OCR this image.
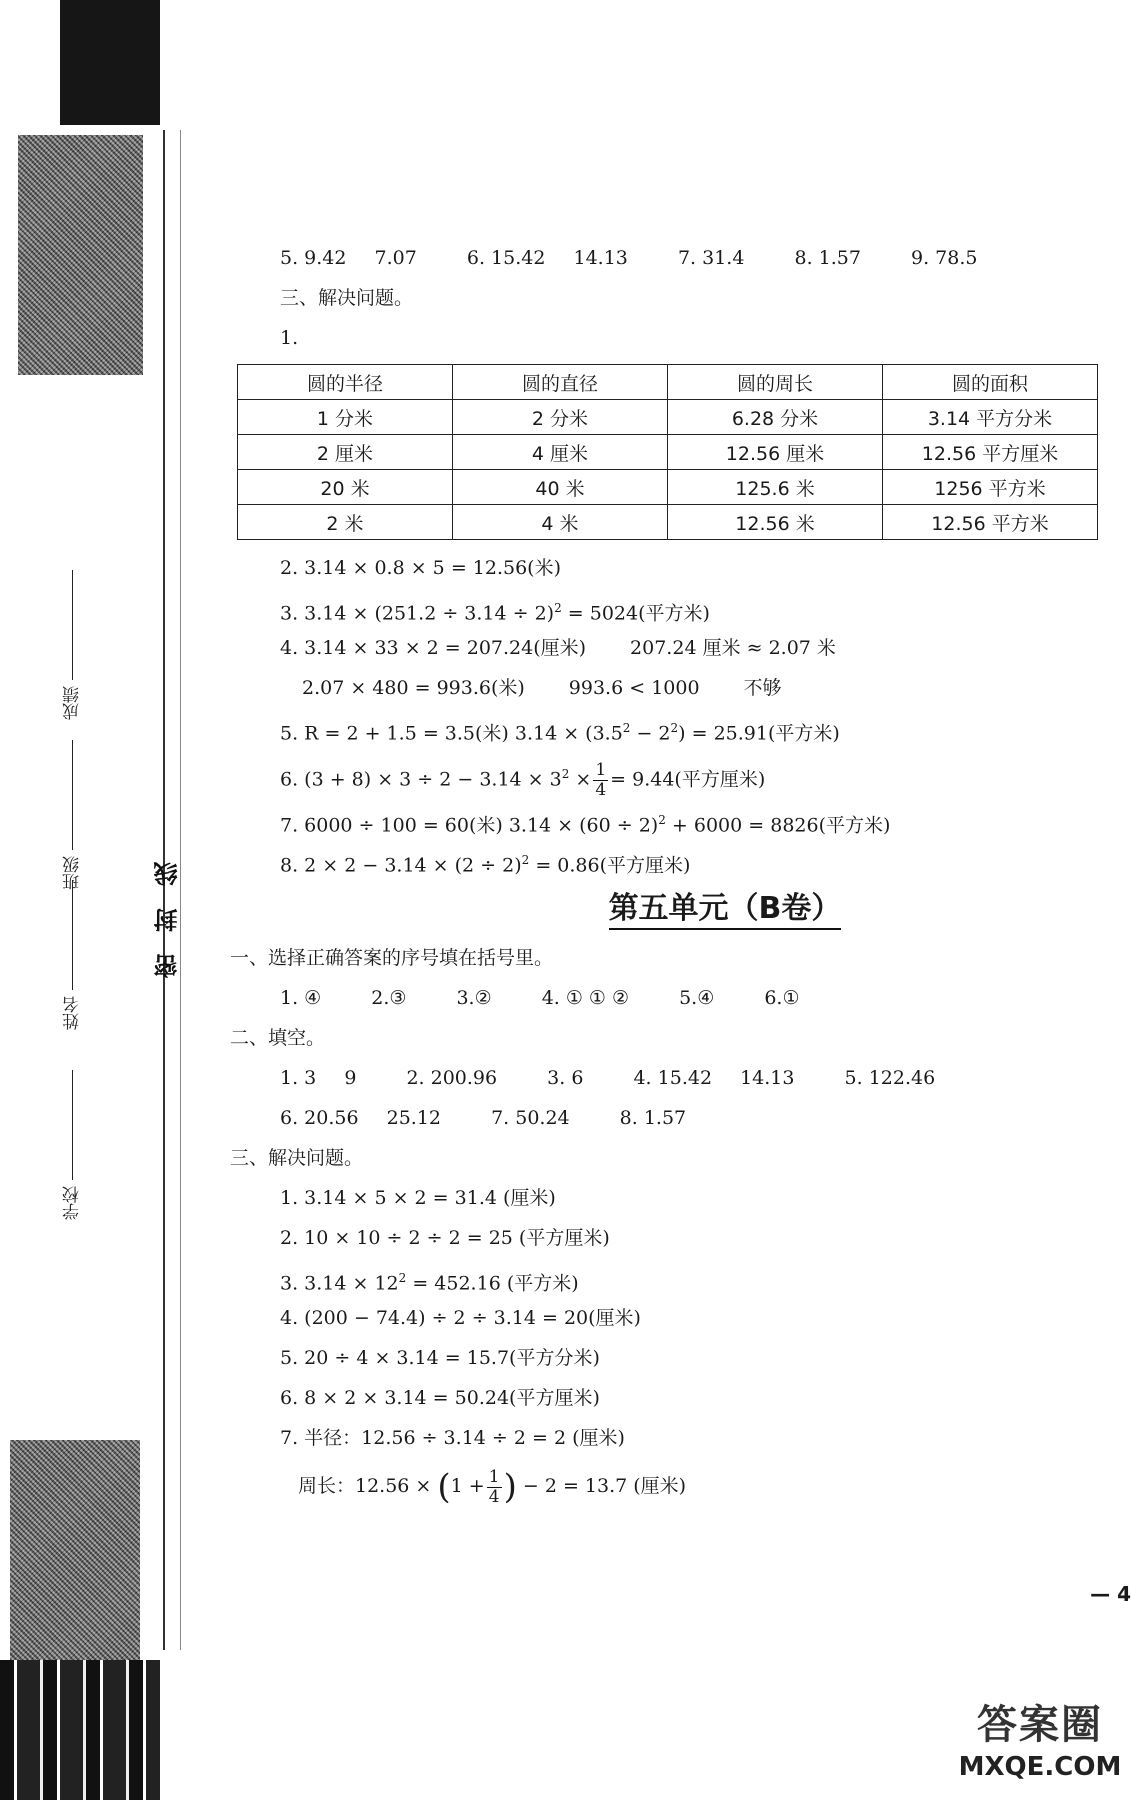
密封线
学校
姓名
班级
成绩
5. 9.42 7.07	6. 15.42 14.13	7. 31.4	8. 1.57	9. 78.5
三、解决问题。
1.
圆的半径	圆的直径	圆的周长	圆的面积
1 分米	2 分米	6.28 分米	3.14 平方分米
2 厘米	4 厘米	12.56 厘米	12.56 平方厘米
20 米	40 米	125.6 米	1256 平方米
2 米	4 米	12.56 米	12.56 平方米
2. 3.14 × 0.8 × 5 = 12.56(米)
3. $3.14 \times (251.2 \div 3.14 \div 2)^2 = 5024$(平方米)
4. 3.14 × 33 × 2 = 207.24(厘米) 207.24 厘米 ≈ 2.07 米
2.07 × 480 = 993.6(米) 993.6 < 1000 不够
5. R = 2 + 1.5 = 3.5(米) $3.14 \times (3.5^2 - 2^2) = 25.91$(平方米)
6. $(3 + 8) \times 3 \div 2 - 3.14 \times 3^2 \times \frac{1}{4} = 9.44$(平方厘米)
7. 6000 ÷ 100 = 60(米) $3.14 \times (60 \div 2)^2 + 6000 = 8826$(平方米)
8. $2 \times 2 - 3.14 \times (2 \div 2)^2 = 0.86$(平方厘米)
第五单元（B卷）
一、选择正确答案的序号填在括号里。
1. ④	2.③	3.②	4. ① ① ②	5.④	6.①
二、填空。
1. 3 9	2. 200.96	3. 6	4. 15.42 14.13	5. 122.46
6. 20.56 25.12	7. 50.24	8. 1.57
三、解决问题。
1. 3.14 × 5 × 2 = 31.4 (厘米)
2. 10 × 10 ÷ 2 ÷ 2 = 25 (平方厘米)
3. $3.14 \times 12^2 = 452.16$ (平方米)
4. (200 − 74.4) ÷ 2 ÷ 3.14 = 20(厘米)
5. 20 ÷ 4 × 3.14 = 15.7(平方分米)
6. 8 × 2 × 3.14 = 50.24(平方厘米)
7. 半径：12.56 ÷ 3.14 ÷ 2 = 2 (厘米)
周长：$12.56 \times (1 + \frac{1}{4}$ ) − 2 = 13.7 (厘米)
— 4
答案圈
MXQE.COM
